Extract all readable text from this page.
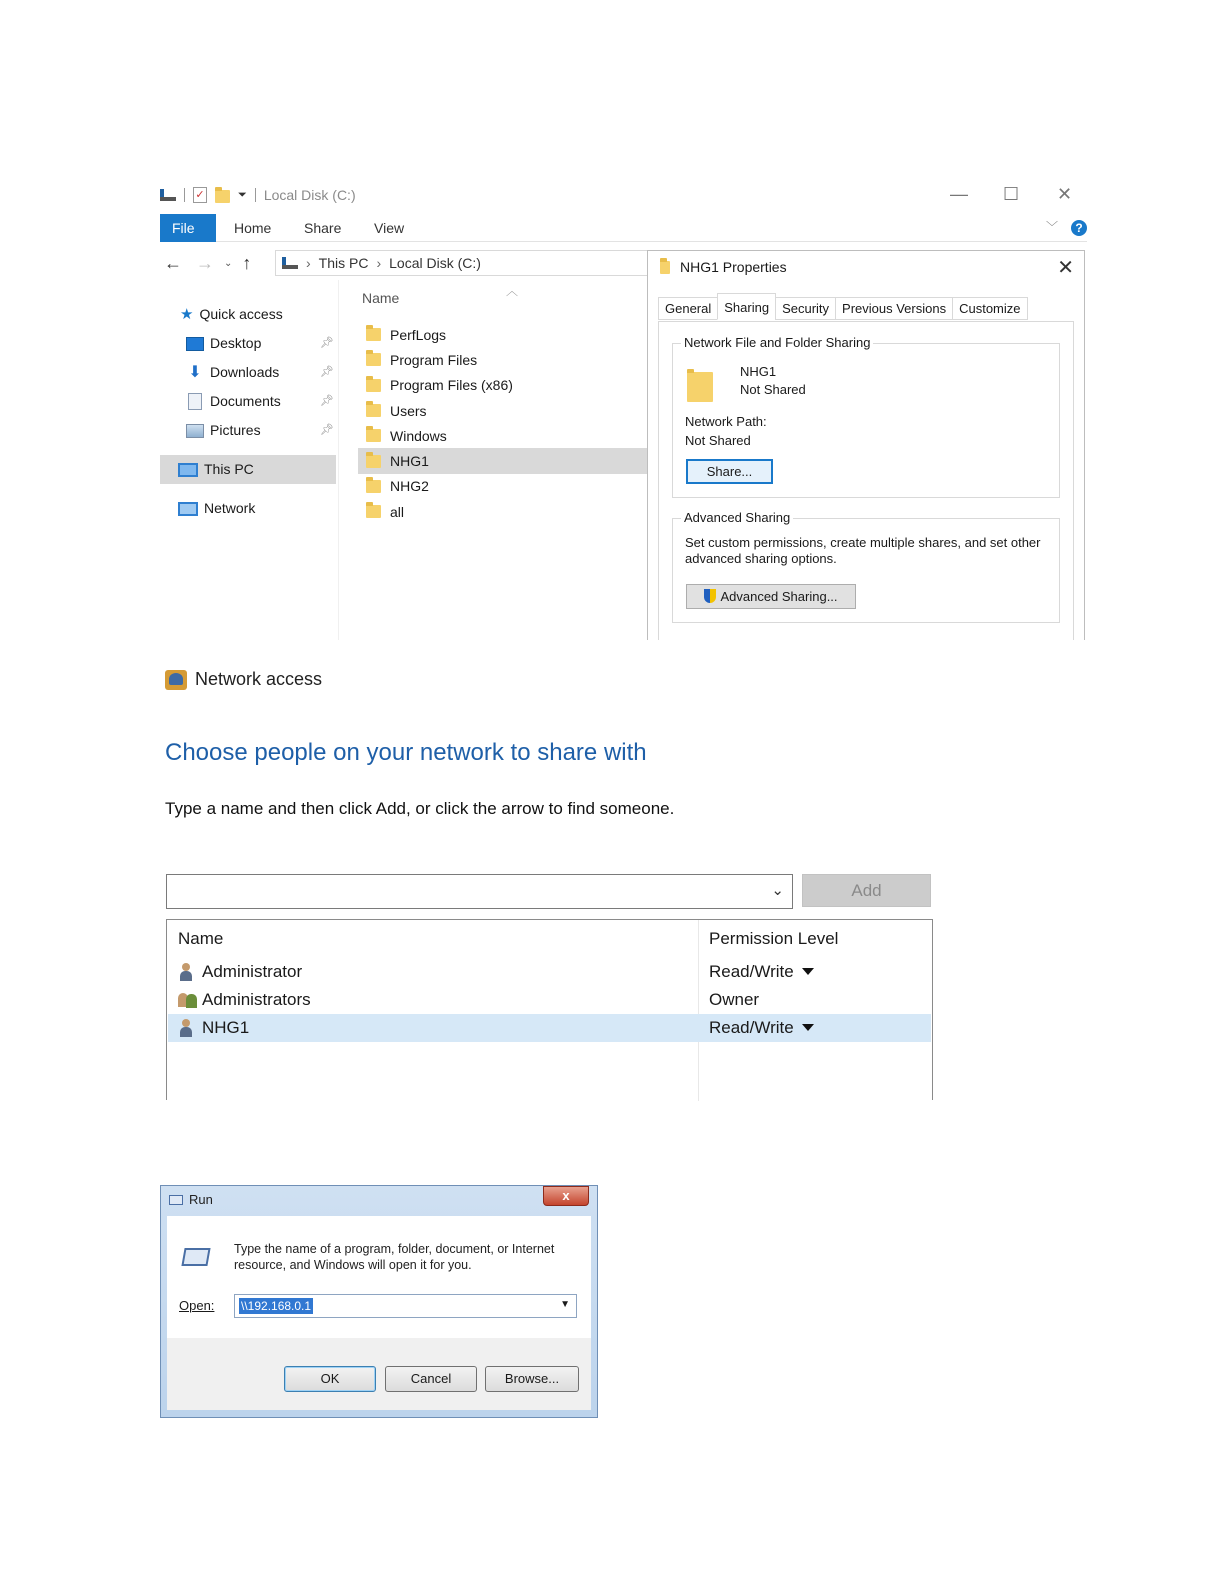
✓	⏷ Local Disk (C:)	— ☐ ✕
File	Home	Share	View	﹀	?
← → ⌄ ↑	› This PC › Local Disk (C:)
★ Quick access
Desktop	📌︎
⬇ Downloads	📌︎
Documents	📌︎
Pictures	📌︎
This PC
Network
Name	︿
PerfLogs
Program Files
Program Files (x86)
Users
Windows
NHG1
NHG2
all
NHG1 Properties	✕
General	Sharing	Security	Previous Versions	Customize
Network File and Folder Sharing
NHG1
Not Shared
Network Path:
Not Shared
Share...
Advanced Sharing
Set custom permissions, create multiple shares, and set other advanced sharing options.
Advanced Sharing...
Network access
Choose people on your network to share with
Type a name and then click Add, or click the arrow to find someone.
⌄	Add
Name	Permission Level
Administrator	Read/Write
Administrators	Owner
NHG1	Read/Write
Run	x
Type the name of a program, folder, document, or Internet resource, and Windows will open it for you.
Open: \\192.168.0.1	▼
OK	Cancel	Browse...
